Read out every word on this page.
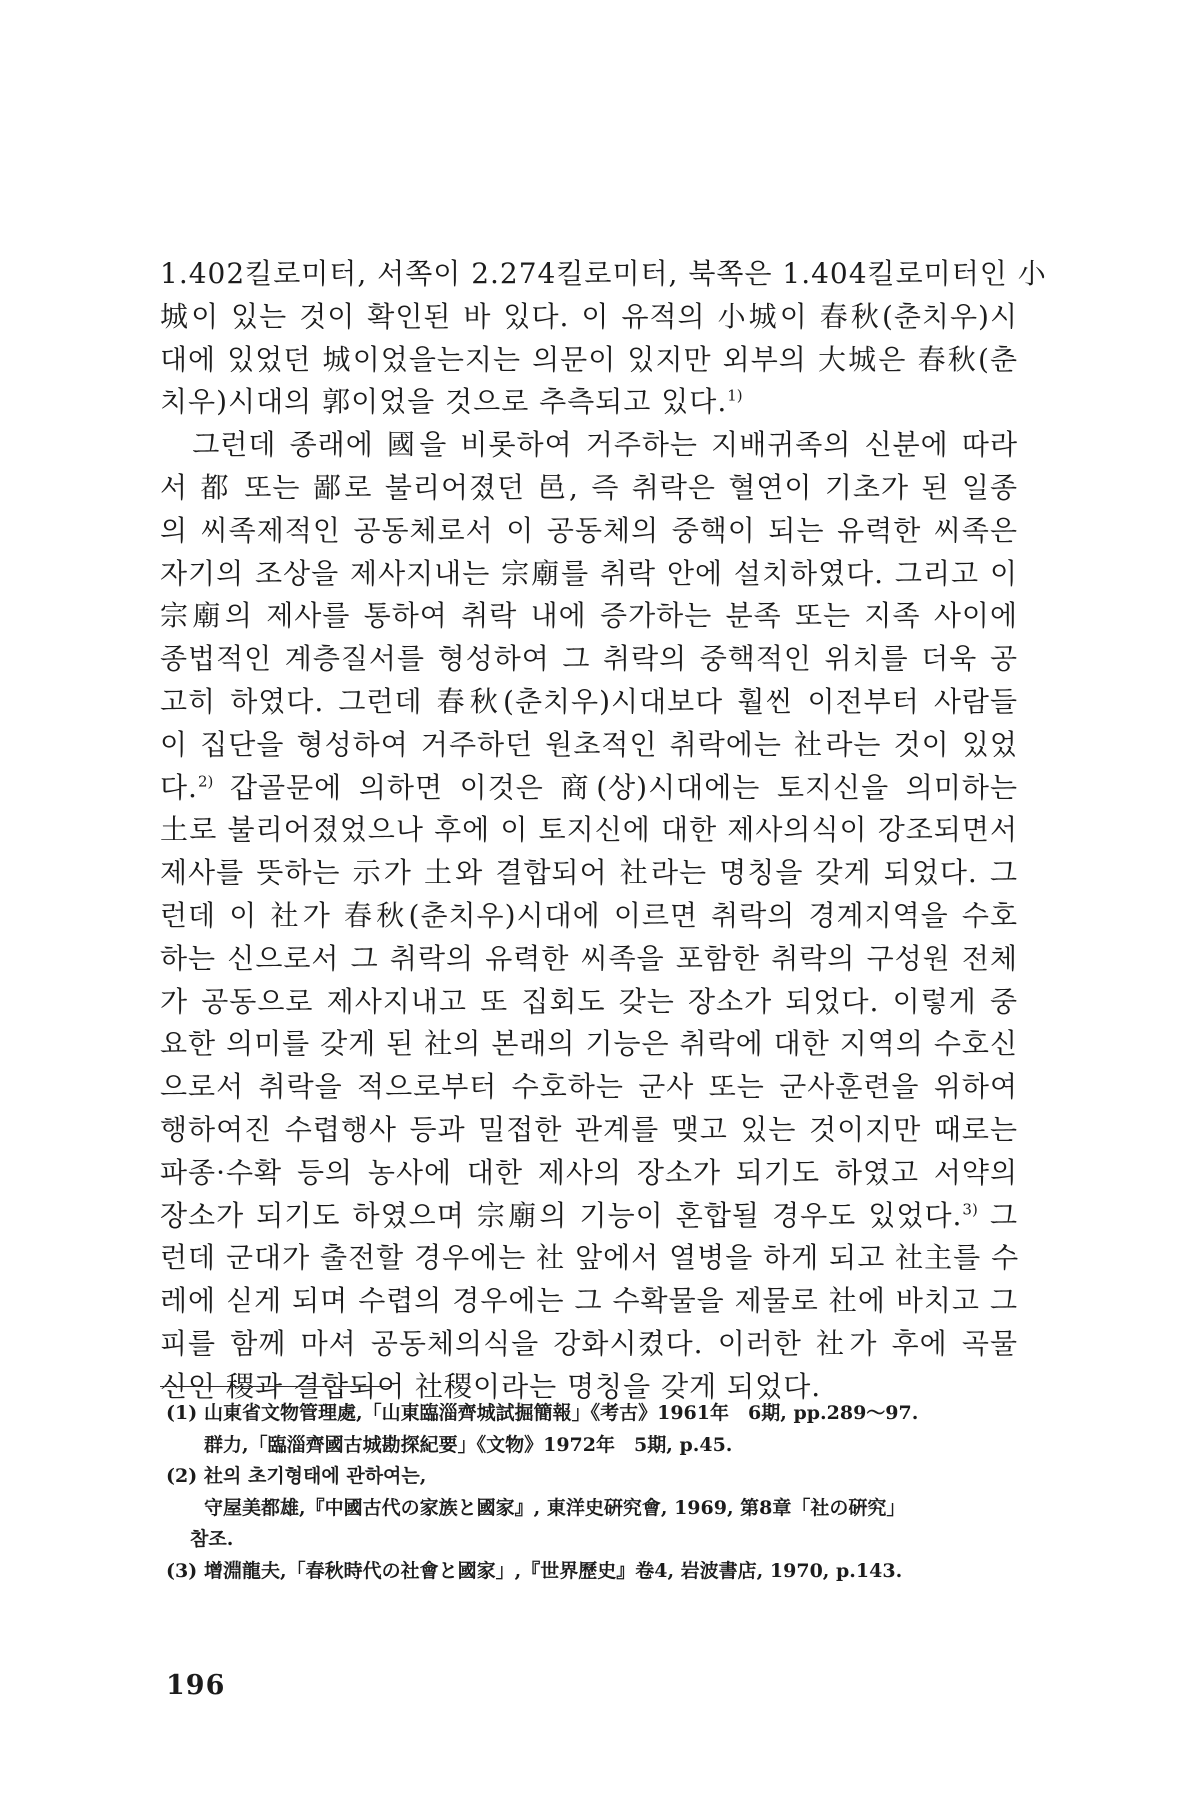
1.402킬로미터, 서쪽이 2.274킬로미터, 북쪽은 1.404킬로미터인 小
城이 있는 것이 확인된 바 있다. 이 유적의 小城이 春秋(춘치우)시
대에 있었던 城이었을는지는 의문이 있지만 외부의 大城은 春秋(춘
치우)시대의 郭이었을 것으로 추측되고 있다.$^{1)}$
　그런데 종래에 國을 비롯하여 거주하는 지배귀족의 신분에 따라
서 都 또는 鄙로 불리어졌던 邑, 즉 취락은 혈연이 기초가 된 일종
의 씨족제적인 공동체로서 이 공동체의 중핵이 되는 유력한 씨족은
자기의 조상을 제사지내는 宗廟를 취락 안에 설치하였다. 그리고 이
宗廟의 제사를 통하여 취락 내에 증가하는 분족 또는 지족 사이에
종법적인 계층질서를 형성하여 그 취락의 중핵적인 위치를 더욱 공
고히 하였다. 그런데 春秋(춘치우)시대보다 훨씬 이전부터 사람들
이 집단을 형성하여 거주하던 원초적인 취락에는 社라는 것이 있었
다.$^{2)}$ 갑골문에 의하면 이것은 商(상)시대에는 토지신을 의미하는
土로 불리어졌었으나 후에 이 토지신에 대한 제사의식이 강조되면서
제사를 뜻하는 示가 土와 결합되어 社라는 명칭을 갖게 되었다. 그
런데 이 社가 春秋(춘치우)시대에 이르면 취락의 경계지역을 수호
하는 신으로서 그 취락의 유력한 씨족을 포함한 취락의 구성원 전체
가 공동으로 제사지내고 또 집회도 갖는 장소가 되었다. 이렇게 중
요한 의미를 갖게 된 社의 본래의 기능은 취락에 대한 지역의 수호신
으로서 취락을 적으로부터 수호하는 군사 또는 군사훈련을 위하여
행하여진 수렵행사 등과 밀접한 관계를 맺고 있는 것이지만 때로는
파종·수확 등의 농사에 대한 제사의 장소가 되기도 하였고 서약의
장소가 되기도 하였으며 宗廟의 기능이 혼합될 경우도 있었다.$^{3)}$ 그
런데 군대가 출전할 경우에는 社 앞에서 열병을 하게 되고 社主를 수
레에 싣게 되며 수렵의 경우에는 그 수확물을 제물로 社에 바치고 그
피를 함께 마셔 공동체의식을 강화시켰다. 이러한 社가 후에 곡물
신인 稷과 결합되어 社稷이라는 명칭을 갖게 되었다.
(1) 山東省文物管理處,「山東臨淄齊城試掘簡報」《考古》1961年　6期, pp.289～97.
群力,「臨淄齊國古城勘探紀要」《文物》1972年　5期, p.45.
(2) 社의 초기형태에 관하여는,
守屋美都雄,『中國古代の家族と國家』, 東洋史硏究會, 1969, 第8章「社の硏究」
참조.
(3) 增淵龍夫,「春秋時代の社會と國家」,『世界歷史』卷4, 岩波書店, 1970, p.143.
196
